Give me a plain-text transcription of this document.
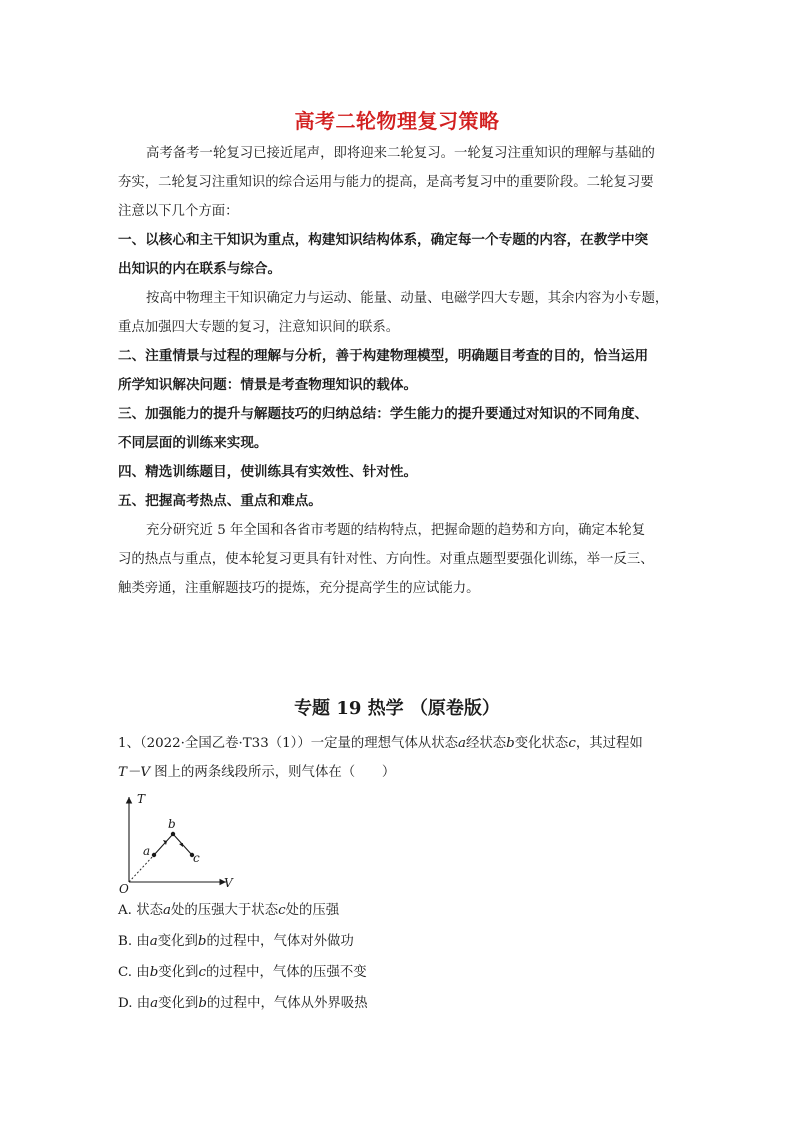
高考二轮物理复习策略
高考备考一轮复习已接近尾声，即将迎来二轮复习。一轮复习注重知识的理解与基础的
夯实，二轮复习注重知识的综合运用与能力的提高，是高考复习中的重要阶段。二轮复习要
注意以下几个方面：
一、以核心和主干知识为重点，构建知识结构体系，确定每一个专题的内容，在教学中突
出知识的内在联系与综合。
按高中物理主干知识确定力与运动、能量、动量、电磁学四大专题，其余内容为小专题，
重点加强四大专题的复习，注意知识间的联系。
二、注重情景与过程的理解与分析，善于构建物理模型，明确题目考查的目的，恰当运用
所学知识解决问题：情景是考查物理知识的载体。
三、加强能力的提升与解题技巧的归纳总结：学生能力的提升要通过对知识的不同角度、
不同层面的训练来实现。
四、精选训练题目，使训练具有实效性、针对性。
五、把握高考热点、重点和难点。
充分研究近 5 年全国和各省市考题的结构特点，把握命题的趋势和方向，确定本轮复
习的热点与重点，使本轮复习更具有针对性、方向性。对重点题型要强化训练，举一反三、
触类旁通，注重解题技巧的提炼，充分提高学生的应试能力。
专题 19 热学 （原卷版）
1、（2022·全国乙卷·T33（1））一定量的理想气体从状态a经状态b变化状态c，其过程如
T－V 图上的两条线段所示，则气体在（　　）
T
V
O
a
b
c
A. 状态a处的压强大于状态c处的压强
B. 由a变化到b的过程中，气体对外做功
C. 由b变化到c的过程中，气体的压强不变
D. 由a变化到b的过程中，气体从外界吸热
